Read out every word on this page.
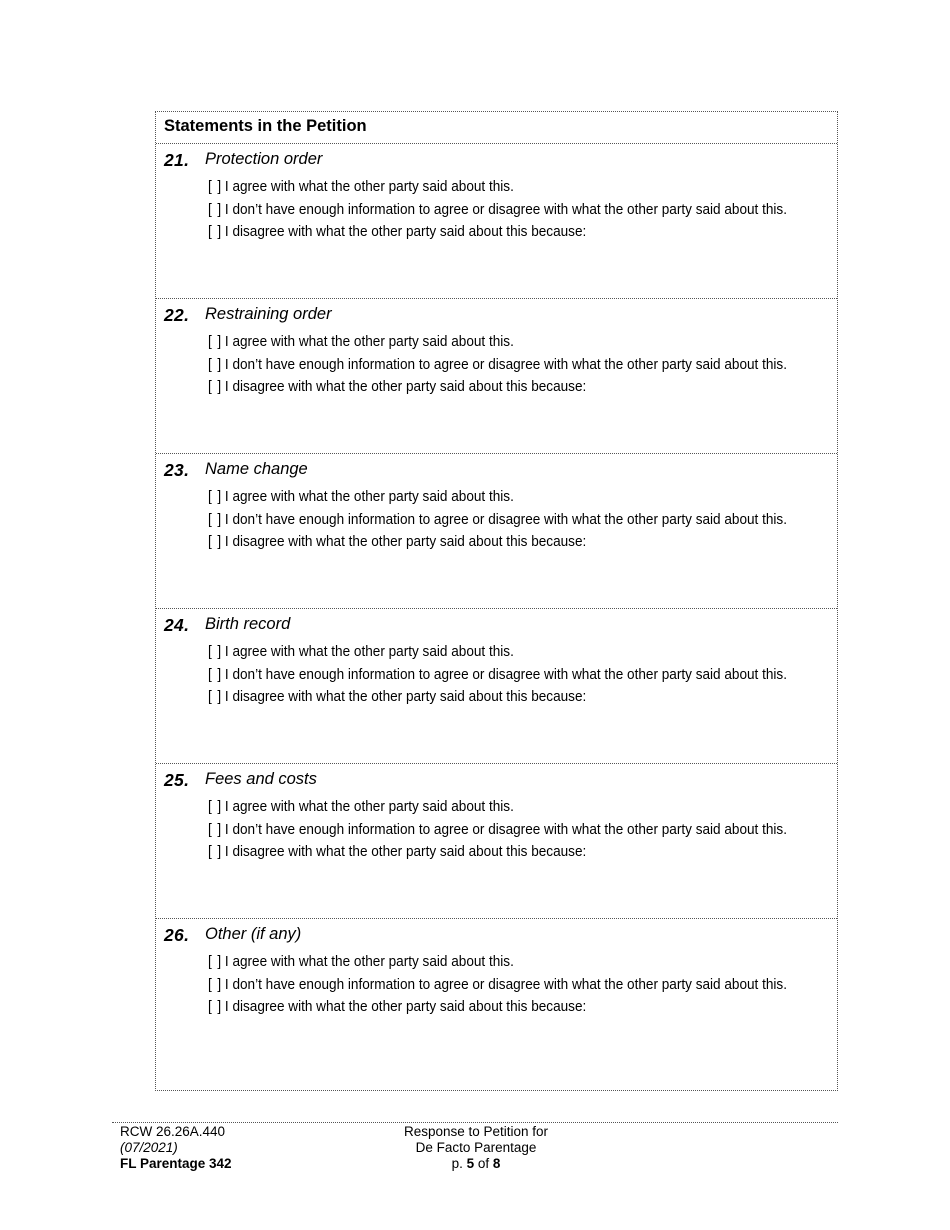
Statements in the Petition
21. Protection order
[ ] I agree with what the other party said about this.
[ ] I don’t have enough information to agree or disagree with what the other party said about this.
[ ] I disagree with what the other party said about this because:
22. Restraining order
[ ] I agree with what the other party said about this.
[ ] I don’t have enough information to agree or disagree with what the other party said about this.
[ ] I disagree with what the other party said about this because:
23. Name change
[ ] I agree with what the other party said about this.
[ ] I don’t have enough information to agree or disagree with what the other party said about this.
[ ] I disagree with what the other party said about this because:
24. Birth record
[ ] I agree with what the other party said about this.
[ ] I don’t have enough information to agree or disagree with what the other party said about this.
[ ] I disagree with what the other party said about this because:
25. Fees and costs
[ ] I agree with what the other party said about this.
[ ] I don’t have enough information to agree or disagree with what the other party said about this.
[ ] I disagree with what the other party said about this because:
26. Other (if any)
[ ] I agree with what the other party said about this.
[ ] I don’t have enough information to agree or disagree with what the other party said about this.
[ ] I disagree with what the other party said about this because:
RCW 26.26A.440
(07/2021)
FL Parentage 342
Response to Petition for
De Facto Parentage
p. 5 of 8
